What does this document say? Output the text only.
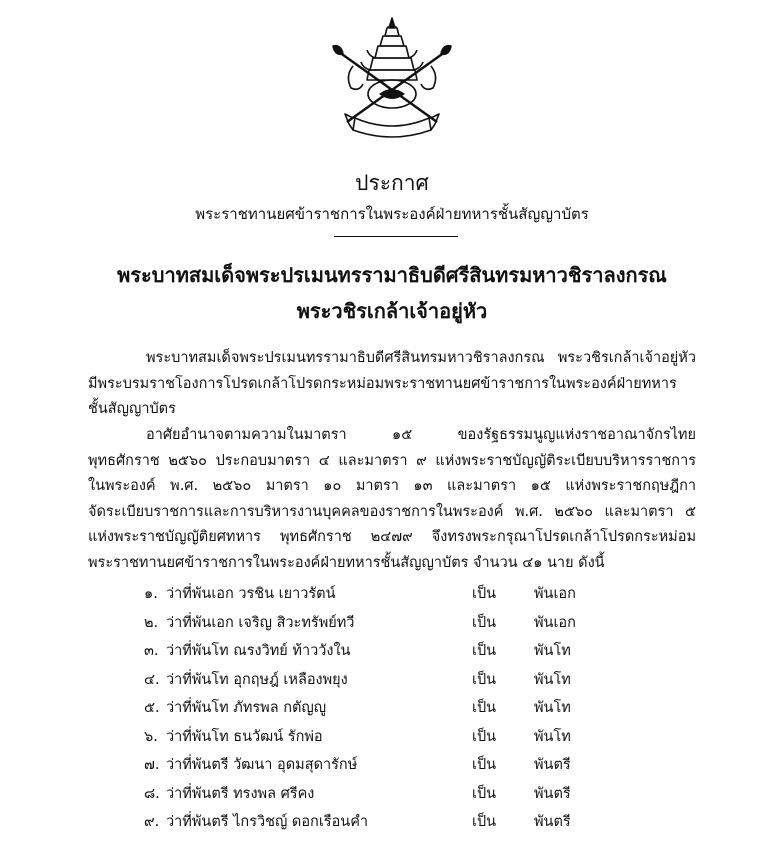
ประกาศ
พระราชทานยศข้าราชการในพระองค์ฝ่ายทหารชั้นสัญญาบัตร
พระบาทสมเด็จพระปรเมนทรรามาธิบดีศรีสินทรมหาวชิราลงกรณ
พระวชิรเกล้าเจ้าอยู่หัว
พระบาทสมเด็จพระปรเมนทรรามาธิบดีศรีสินทรมหาวชิราลงกรณ พระวชิรเกล้าเจ้าอยู่หัว
มีพระบรมราชโองการโปรดเกล้าโปรดกระหม่อมพระราชทานยศข้าราชการในพระองค์ฝ่ายทหาร
ชั้นสัญญาบัตร
อาศัยอำนาจตามความในมาตรา ๑๕ ของรัฐธรรมนูญแห่งราชอาณาจักรไทย
พุทธศักราช ๒๕๖๐ ประกอบมาตรา ๔ และมาตรา ๙ แห่งพระราชบัญญัติระเบียบบริหารราชการ
ในพระองค์ พ.ศ. ๒๕๖๐ มาตรา ๑๐ มาตรา ๑๓ และมาตรา ๑๕ แห่งพระราชกฤษฎีกา
จัดระเบียบราชการและการบริหารงานบุคคลของราชการในพระองค์ พ.ศ. ๒๕๖๐ และมาตรา ๕
แห่งพระราชบัญญัติยศทหาร พุทธศักราช ๒๔๗๙ จึงทรงพระกรุณาโปรดเกล้าโปรดกระหม่อม
พระราชทานยศข้าราชการในพระองค์ฝ่ายทหารชั้นสัญญาบัตร จำนวน ๔๑ นาย ดังนี้
๑. ว่าที่พันเอก วรชิน เยาวรัตน์	เป็น	พันเอก
๒. ว่าที่พันเอก เจริญ สิวะทรัพย์ทวี	เป็น	พันเอก
๓. ว่าที่พันโท ณรงวิทย์ ท้าววังใน	เป็น	พันโท
๔. ว่าที่พันโท อุกฤษฎ์ เหลืองพยุง	เป็น	พันโท
๕. ว่าที่พันโท ภัทรพล กตัญญู	เป็น	พันโท
๖. ว่าที่พันโท ธนวัฒน์ รักพ่อ	เป็น	พันโท
๗. ว่าที่พันตรี วัฒนา อุดมสุดารักษ์	เป็น	พันตรี
๘. ว่าที่พันตรี ทรงพล ศรีคง	เป็น	พันตรี
๙. ว่าที่พันตรี ไกรวิชญ์ ดอกเรือนคำ	เป็น	พันตรี
